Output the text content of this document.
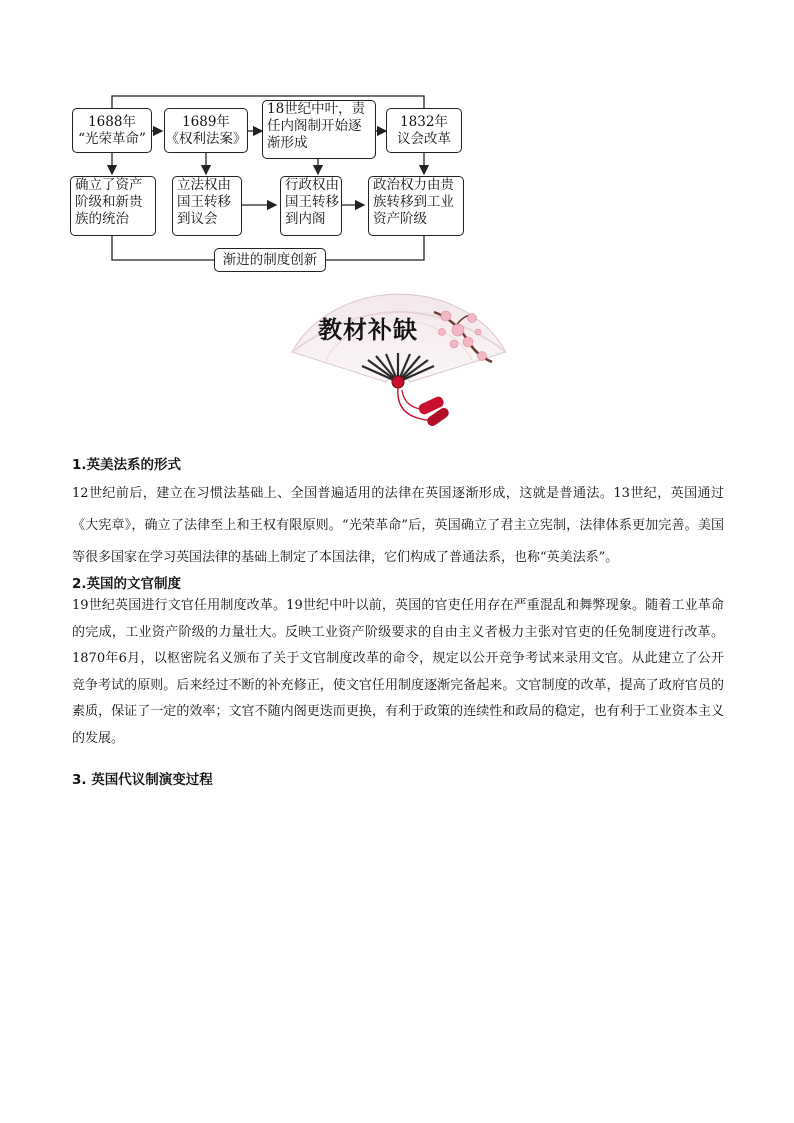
1688年
“光荣革命”
1689年
《权利法案》
18世纪中叶，责
任内阁制开始逐
渐形成
1832年
议会改革
确立了资产
阶级和新贵
族的统治
立法权由
国王转移
到议会
行政权由
国王转移
到内阁
政治权力由贵
族转移到工业
资产阶级
渐进的制度创新
教材补缺
1.英美法系的形式
12世纪前后，建立在习惯法基础上、全国普遍适用的法律在英国逐渐形成，这就是普通法。13世纪，英国通过《大宪章》，确立了法律至上和王权有限原则。“光荣革命”后，英国确立了君主立宪制，法律体系更加完善。美国等很多国家在学习英国法律的基础上制定了本国法律，它们构成了普通法系，也称“英美法系”。
2.英国的文官制度
19世纪英国进行文官任用制度改革。19世纪中叶以前，英国的官吏任用存在严重混乱和舞弊现象。随着工业革命的完成，工业资产阶级的力量壮大。反映工业资产阶级要求的自由主义者极力主张对官吏的任免制度进行改革。1870年6月，以枢密院名义颁布了关于文官制度改革的命令，规定以公开竞争考试来录用文官。从此建立了公开竞争考试的原则。后来经过不断的补充修正，使文官任用制度逐渐完备起来。文官制度的改革，提高了政府官员的素质，保证了一定的效率；文官不随内阁更迭而更换，有利于政策的连续性和政局的稳定，也有利于工业资本主义的发展。
3. 英国代议制演变过程
